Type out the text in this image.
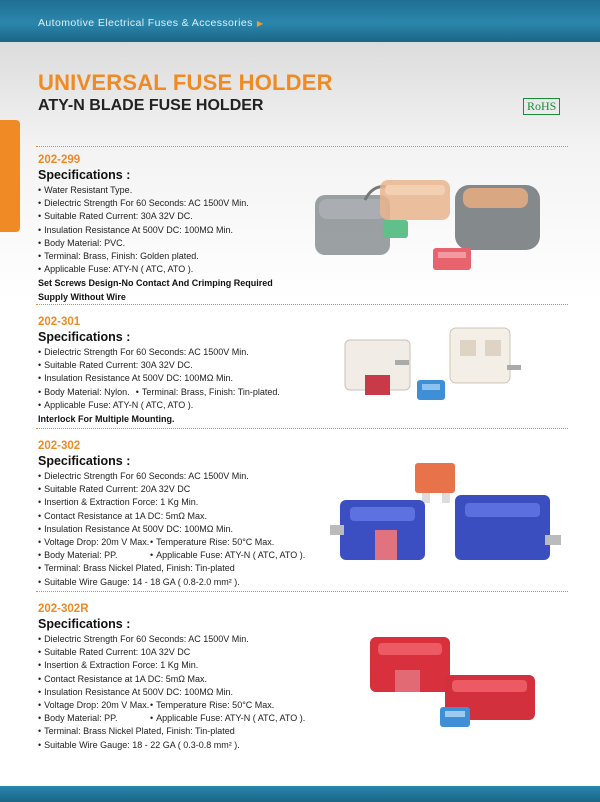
Automotive Electrical Fuses & Accessories ▶
UNIVERSAL FUSE HOLDER
ATY-N BLADE FUSE HOLDER	RoHS
202-299
Specifications :
• Water Resistant Type.
• Dielectric Strength For 60 Seconds: AC 1500V Min.
• Suitable Rated Current: 30A 32V DC.
• Insulation Resistance At 500V DC: 100MΩ Min.
• Body Material: PVC.
• Terminal: Brass, Finish: Golden plated.
• Applicable Fuse: ATY-N ( ATC, ATO ).
Set Screws Design-No Contact And Crimping Required
Supply Without Wire
202-301
Specifications :
• Dielectric Strength For 60 Seconds: AC 1500V Min.
• Suitable Rated Current: 30A 32V DC.
• Insulation Resistance At 500V DC: 100MΩ Min.
• Body Material: Nylon. • Terminal: Brass, Finish: Tin-plated.
• Applicable Fuse: ATY-N ( ATC, ATO ).
Interlock For Multiple Mounting.
202-302
Specifications :
• Dielectric Strength For 60 Seconds: AC 1500V Min.
• Suitable Rated Current: 20A 32V DC
• Insertion & Extraction Force: 1 Kg Min.
• Contact Resistance at 1A DC: 5mΩ Max.
• Insulation Resistance At 500V DC: 100MΩ Min.
• Voltage Drop: 20m V Max.• Temperature Rise: 50°C Max.
• Body Material: PP.	• Applicable Fuse: ATY-N ( ATC, ATO ).
• Terminal: Brass Nickel Plated, Finish: Tin-plated
• Suitable Wire Gauge: 14 - 18 GA ( 0.8-2.0 mm² ).
202-302R
Specifications :
• Dielectric Strength For 60 Seconds: AC 1500V Min.
• Suitable Rated Current: 10A 32V DC
• Insertion & Extraction Force: 1 Kg Min.
• Contact Resistance at 1A DC: 5mΩ Max.
• Insulation Resistance At 500V DC: 100MΩ Min.
• Voltage Drop: 20m V Max.• Temperature Rise: 50°C Max.
• Body Material: PP.	• Applicable Fuse: ATY-N ( ATC, ATO ).
• Terminal: Brass Nickel Plated, Finish: Tin-plated
• Suitable Wire Gauge: 18 - 22 GA ( 0.3-0.8 mm² ).
